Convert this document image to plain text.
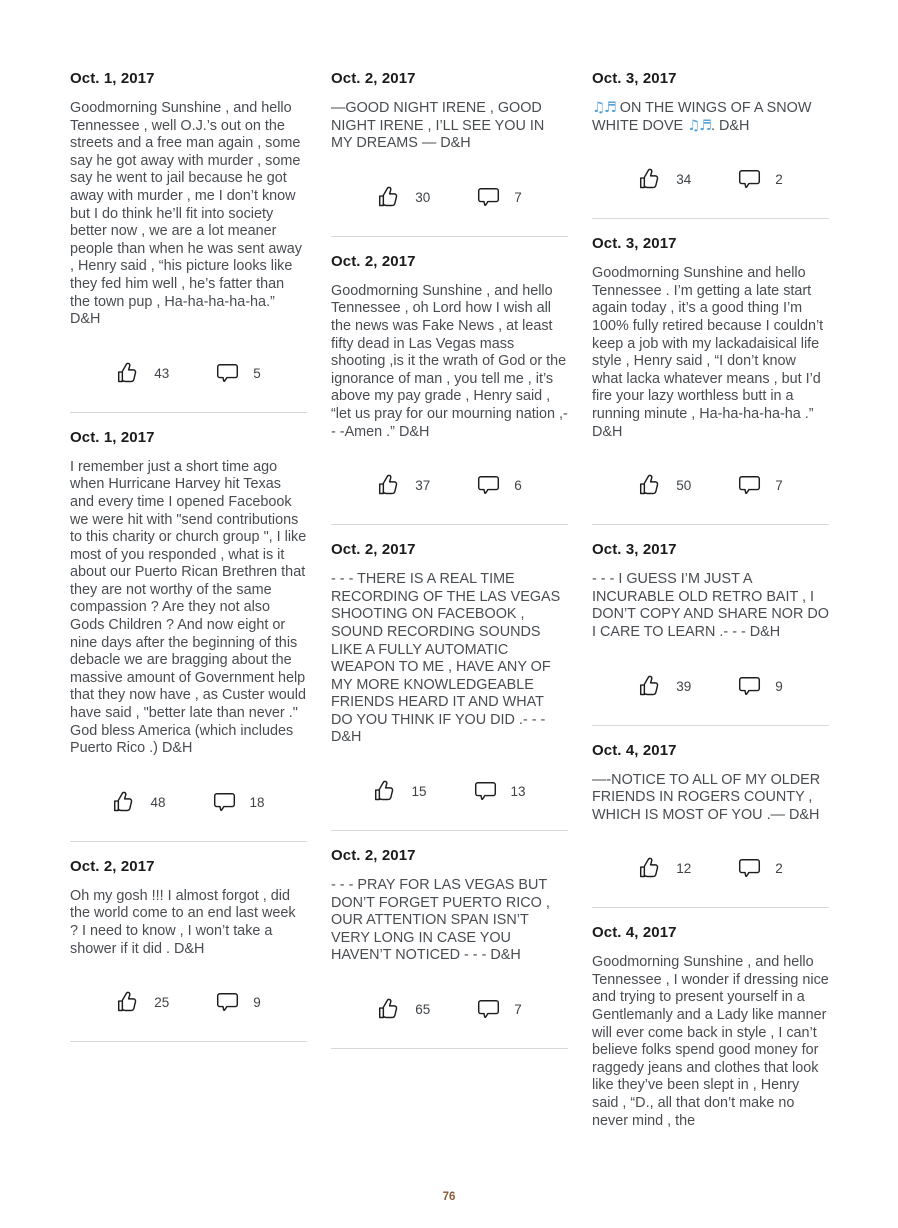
Oct. 1, 2017

Goodmorning Sunshine , and hello Tennessee , well O.J.’s out on the streets and a free man again , some say he got away with murder , some say he went to jail because he got away with murder , me I don’t know but I do think he’ll fit into society better now , we are a lot meaner people than when he was sent away , Henry said , “his picture looks like they fed him well , he’s fatter than the town pup , Ha-ha-ha-ha-ha.” D&H

43	5
Oct. 1, 2017

I remember just a short time ago when Hurricane Harvey hit Texas and every time I opened Facebook we were hit with "send contributions to this charity or church group ", I like most of you responded , what is it about our Puerto Rican Brethren that they are not worthy of the same compassion ? Are they not also Gods Children ? And now eight or nine days after the beginning of this debacle we are bragging about the massive amount of Government help that they now have , as Custer would have said , "better late than never ." God bless America (which includes Puerto Rico .) D&H

48	18
Oct. 2, 2017

Oh my gosh !!! I almost forgot , did the world come to an end last week ? I need to know , I won’t take a shower if it did . D&H

25	9
Oct. 2, 2017

—GOOD NIGHT IRENE , GOOD NIGHT IRENE , I’LL SEE YOU IN MY DREAMS — D&H

30	7
Oct. 2, 2017

Goodmorning Sunshine , and hello Tennessee , oh Lord how I wish all the news was Fake News , at least fifty dead in Las Vegas mass shooting ,is it the wrath of God or the ignorance of man , you tell me , it’s above my pay grade , Henry said , “let us pray for our mourning nation ,- - -Amen .” D&H

37	6
Oct. 2, 2017

- - - THERE IS A REAL TIME RECORDING OF THE LAS VEGAS SHOOTING ON FACEBOOK , SOUND RECORDING SOUNDS LIKE A FULLY AUTOMATIC WEAPON TO ME , HAVE ANY OF MY MORE KNOWLEDGEABLE FRIENDS HEARD IT AND WHAT DO YOU THINK IF YOU DID .- - - D&H

15	13
Oct. 2, 2017

- - - PRAY FOR LAS VEGAS BUT DON’T FORGET PUERTO RICO , OUR ATTENTION SPAN ISN’T VERY LONG IN CASE YOU HAVEN’T NOTICED - - - D&H

65	7
Oct. 3, 2017

♫♬ ON THE WINGS OF A SNOW WHITE DOVE ♫♬. D&H

34	2
Oct. 3, 2017

Goodmorning Sunshine and hello Tennessee . I’m getting a late start again today , it’s a good thing I’m 100% fully retired because I couldn’t keep a job with my lackadaisical life style , Henry said , “I don’t know what lacka whatever means , but I’d fire your lazy worthless butt in a running minute , Ha-ha-ha-ha-ha .” D&H

50	7
Oct. 3, 2017

- - - I GUESS I’M JUST A INCURABLE OLD RETRO BAIT , I DON’T COPY AND SHARE NOR DO I CARE TO LEARN .- - - D&H

39	9
Oct. 4, 2017

—-NOTICE TO ALL OF MY OLDER FRIENDS IN ROGERS COUNTY , WHICH IS MOST OF YOU .— D&H

12	2
Oct. 4, 2017

Goodmorning Sunshine , and hello Tennessee , I wonder if dressing nice and trying to present yourself in a Gentlemanly and a Lady like manner will ever come back in style , I can’t believe folks spend good money for raggedy jeans and clothes that look like they’ve been slept in , Henry said , “D., all that don’t make no never mind , the

76
